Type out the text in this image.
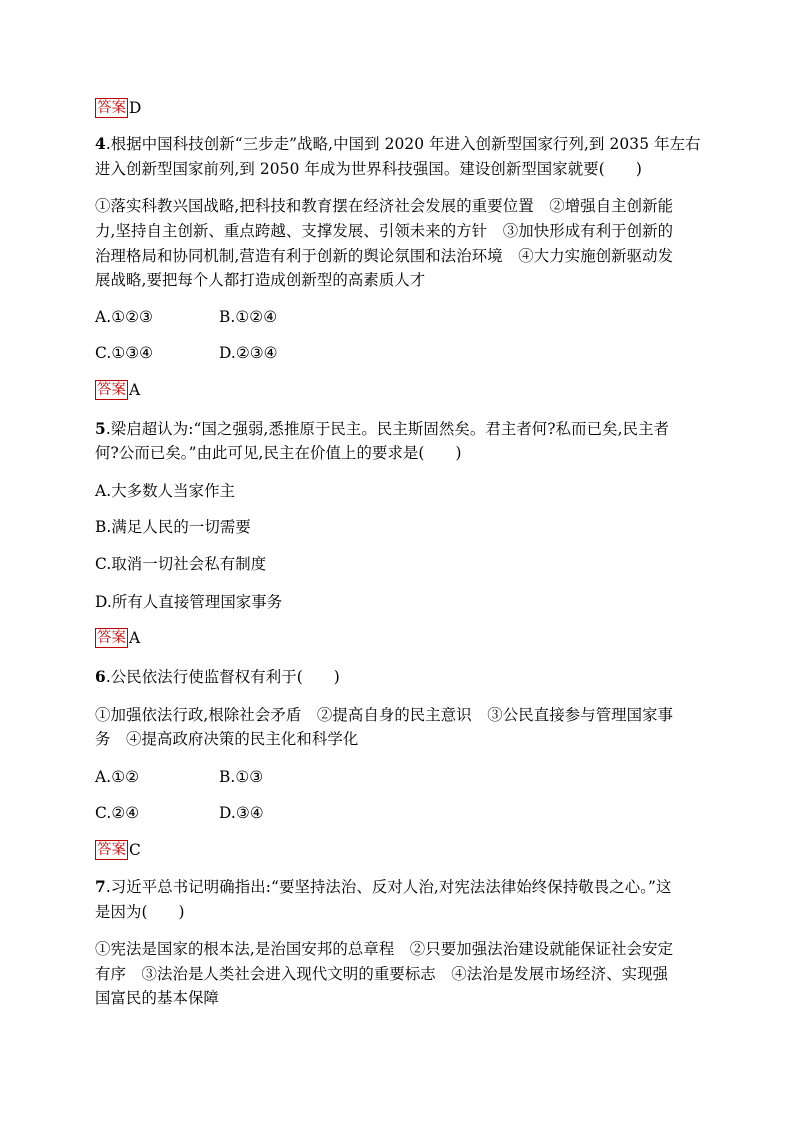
答案 D
4.根据中国科技创新“三步走”战略,中国到 2020 年进入创新型国家行列,到 2035 年左右
进入创新型国家前列,到 2050 年成为世界科技强国。建设创新型国家就要(　　)
①落实科教兴国战略,把科技和教育摆在经济社会发展的重要位置　②增强自主创新能
力,坚持自主创新、重点跨越、支撑发展、引领未来的方针　③加快形成有利于创新的
治理格局和协同机制,营造有利于创新的舆论氛围和法治环境　④大力实施创新驱动发
展战略,要把每个人都打造成创新型的高素质人才
A.①②③	B.①②④
C.①③④	D.②③④
答案 A
5.梁启超认为:“国之强弱,悉推原于民主。民主斯固然矣。君主者何?私而已矣,民主者
何?公而已矣。”由此可见,民主在价值上的要求是(　　)
A.大多数人当家作主
B.满足人民的一切需要
C.取消一切社会私有制度
D.所有人直接管理国家事务
答案 A
6.公民依法行使监督权有利于(　　)
①加强依法行政,根除社会矛盾　②提高自身的民主意识　③公民直接参与管理国家事
务　④提高政府决策的民主化和科学化
A.①②	B.①③
C.②④	D.③④
答案 C
7.习近平总书记明确指出:“要坚持法治、反对人治,对宪法法律始终保持敬畏之心。”这
是因为(　　)
①宪法是国家的根本法,是治国安邦的总章程　②只要加强法治建设就能保证社会安定
有序　③法治是人类社会进入现代文明的重要标志　④法治是发展市场经济、实现强
国富民的基本保障
